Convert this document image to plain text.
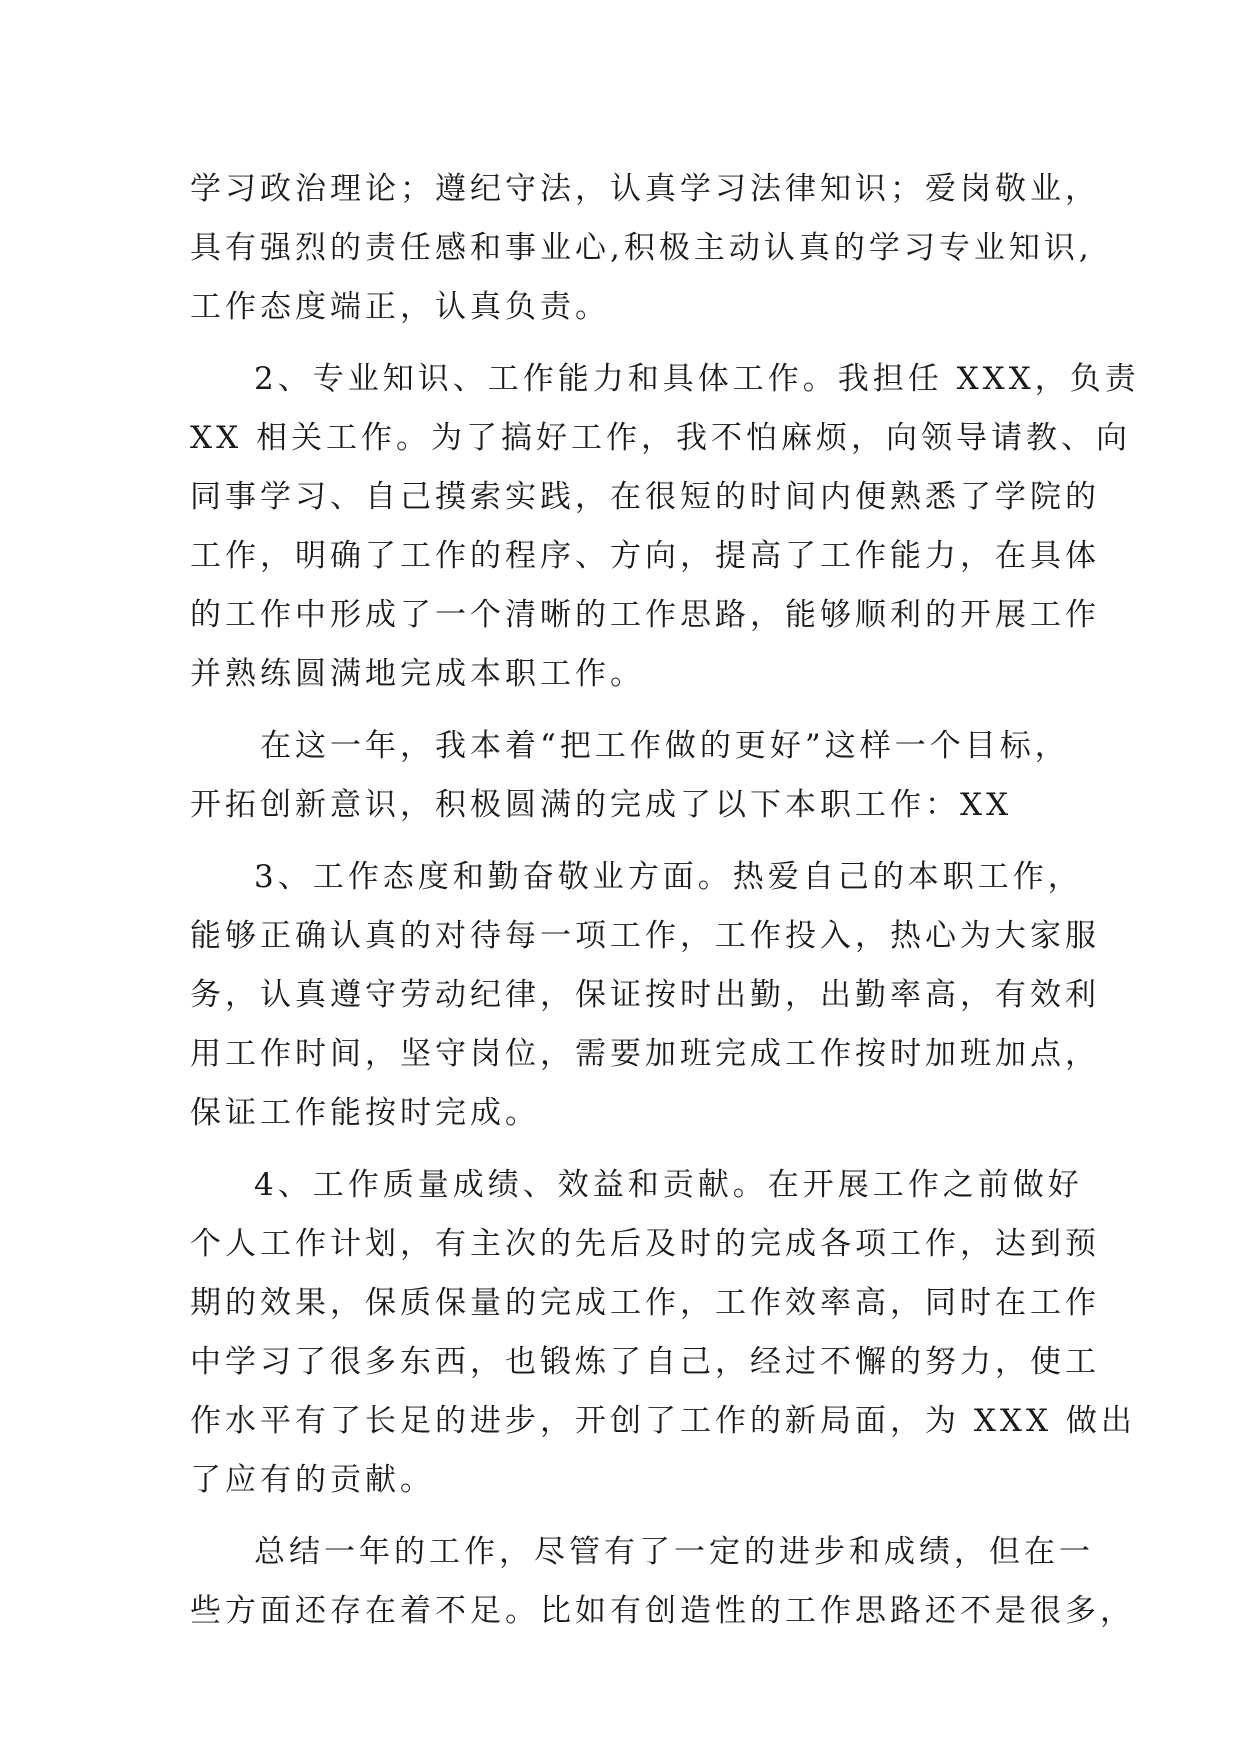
学习政治理论；遵纪守法，认真学习法律知识；爱岗敬业，
具有强烈的责任感和事业心,积极主动认真的学习专业知识,
工作态度端正，认真负责。
2、专业知识、工作能力和具体工作。我担任 XXX，负责
XX 相关工作。为了搞好工作，我不怕麻烦，向领导请教、向
同事学习、自己摸索实践，在很短的时间内便熟悉了学院的
工作，明确了工作的程序、方向，提高了工作能力，在具体
的工作中形成了一个清晰的工作思路，能够顺利的开展工作
并熟练圆满地完成本职工作。
在这一年，我本着“把工作做的更好”这样一个目标，
开拓创新意识，积极圆满的完成了以下本职工作：XX
3、工作态度和勤奋敬业方面。热爱自己的本职工作，
能够正确认真的对待每一项工作，工作投入，热心为大家服
务，认真遵守劳动纪律，保证按时出勤，出勤率高，有效利
用工作时间，坚守岗位，需要加班完成工作按时加班加点，
保证工作能按时完成。
4、工作质量成绩、效益和贡献。在开展工作之前做好
个人工作计划，有主次的先后及时的完成各项工作，达到预
期的效果，保质保量的完成工作，工作效率高，同时在工作
中学习了很多东西，也锻炼了自己，经过不懈的努力，使工
作水平有了长足的进步，开创了工作的新局面，为 XXX 做出
了应有的贡献。
总结一年的工作，尽管有了一定的进步和成绩，但在一
些方面还存在着不足。比如有创造性的工作思路还不是很多，
